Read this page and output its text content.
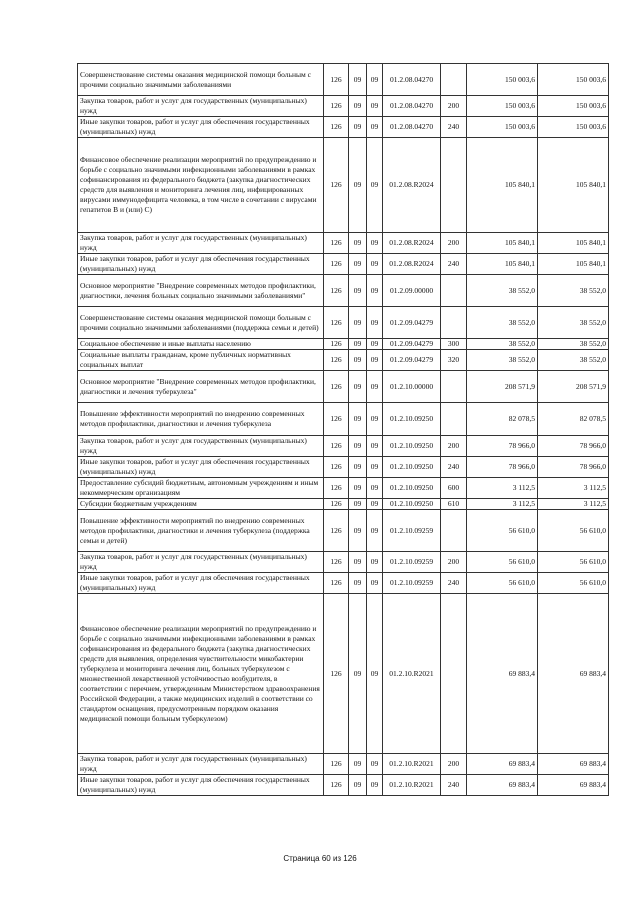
Совершенствование системы оказания медицинской помощи больным с прочими социально значимыми заболеваниями	126	09	09	01.2.08.04270		150 003,6	150 003,6
Закупка товаров, работ и услуг для государственных (муниципальных) нужд	126	09	09	01.2.08.04270	200	150 003,6	150 003,6
Иные закупки товаров, работ и услуг для обеспечения государственных (муниципальных) нужд	126	09	09	01.2.08.04270	240	150 003,6	150 003,6
Финансовое обеспечение реализации мероприятий по предупреждению и борьбе с социально значимыми инфекционными заболеваниями в рамках софинансирования из федерального бюджета (закупка диагностических средств для выявления и мониторинга лечения лиц, инфицированных вирусами иммунодефицита человека, в том числе в сочетании с вирусами гепатитов В и (или) С)	126	09	09	01.2.08.R2024		105 840,1	105 840,1
Закупка товаров, работ и услуг для государственных (муниципальных) нужд	126	09	09	01.2.08.R2024	200	105 840,1	105 840,1
Иные закупки товаров, работ и услуг для обеспечения государственных (муниципальных) нужд	126	09	09	01.2.08.R2024	240	105 840,1	105 840,1
Основное мероприятие "Внедрение современных методов профилактики, диагностики, лечения больных социально значимыми заболеваниями"	126	09	09	01.2.09.00000		38 552,0	38 552,0
Совершенствование системы оказания медицинской помощи больным с прочими социально значимыми заболеваниями (поддержка семьи и детей)	126	09	09	01.2.09.04279		38 552,0	38 552,0
Социальное обеспечение и иные выплаты населению	126	09	09	01.2.09.04279	300	38 552,0	38 552,0
Социальные выплаты гражданам, кроме публичных нормативных социальных выплат	126	09	09	01.2.09.04279	320	38 552,0	38 552,0
Основное мероприятие "Внедрение современных методов профилактики, диагностики и лечения туберкулеза"	126	09	09	01.2.10.00000		208 571,9	208 571,9
Повышение эффективности мероприятий по внедрению современных методов профилактики, диагностики и лечения туберкулеза	126	09	09	01.2.10.09250		82 078,5	82 078,5
Закупка товаров, работ и услуг для государственных (муниципальных) нужд	126	09	09	01.2.10.09250	200	78 966,0	78 966,0
Иные закупки товаров, работ и услуг для обеспечения государственных (муниципальных) нужд	126	09	09	01.2.10.09250	240	78 966,0	78 966,0
Предоставление субсидий бюджетным, автономным учреждениям и иным некоммерческим организациям	126	09	09	01.2.10.09250	600	3 112,5	3 112,5
Субсидии бюджетным учреждениям	126	09	09	01.2.10.09250	610	3 112,5	3 112,5
Повышение эффективности мероприятий по внедрению современных методов профилактики, диагностики и лечения туберкулеза (поддержка семьи и детей)	126	09	09	01.2.10.09259		56 610,0	56 610,0
Закупка товаров, работ и услуг для государственных (муниципальных) нужд	126	09	09	01.2.10.09259	200	56 610,0	56 610,0
Иные закупки товаров, работ и услуг для обеспечения государственных (муниципальных) нужд	126	09	09	01.2.10.09259	240	56 610,0	56 610,0
Финансовое обеспечение реализации мероприятий по предупреждению и борьбе с социально значимыми инфекционными заболеваниями в рамках софинансирования из федерального бюджета (закупка диагностических средств для выявления, определения чувствительности микобактерии туберкулеза и мониторинга лечения лиц, больных туберкулезом с множественной лекарственной устойчивостью возбудителя, в соответствии с перечнем, утвержденным Министерством здравоохранения Российской Федерации, а также медицинских изделий в соответствии со стандартом оснащения, предусмотренным порядком оказания медицинской помощи больным туберкулезом)	126	09	09	01.2.10.R2021		69 883,4	69 883,4
Закупка товаров, работ и услуг для государственных (муниципальных) нужд	126	09	09	01.2.10.R2021	200	69 883,4	69 883,4
Иные закупки товаров, работ и услуг для обеспечения государственных (муниципальных) нужд	126	09	09	01.2.10.R2021	240	69 883,4	69 883,4
Страница 60 из 126
